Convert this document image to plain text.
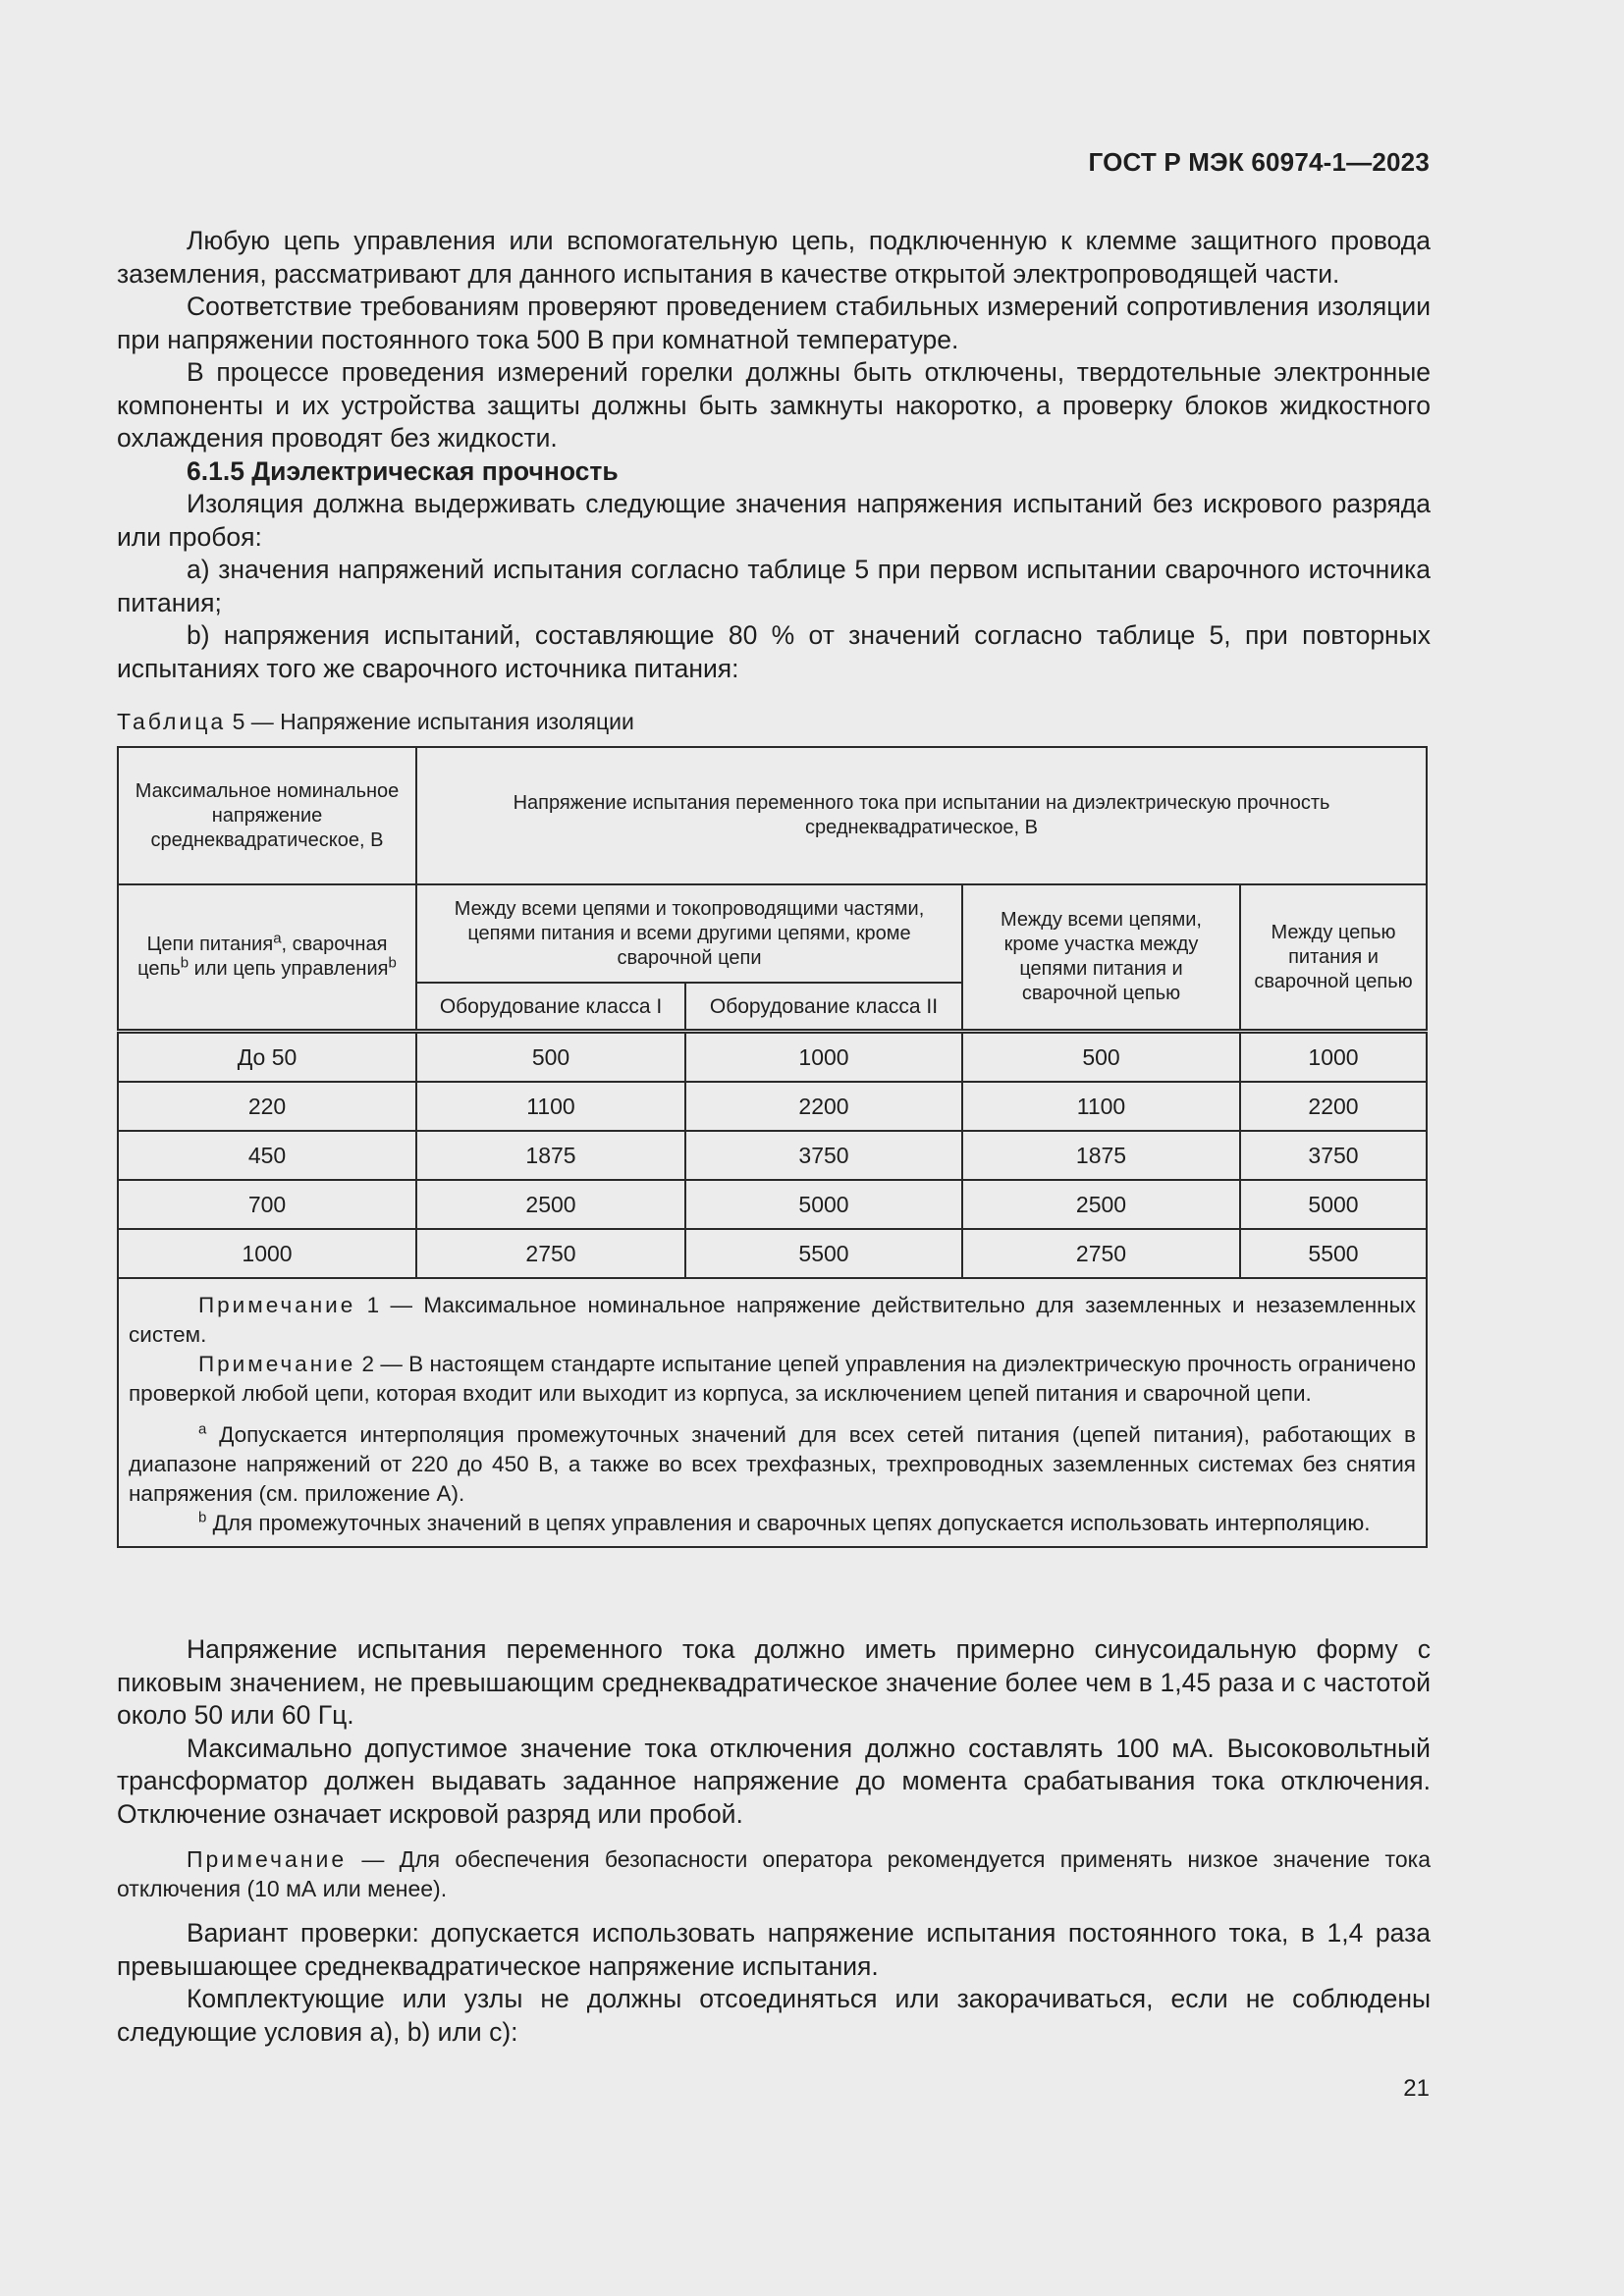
ГОСТ Р МЭК 60974-1—2023

Любую цепь управления или вспомогательную цепь, подключенную к клемме защитного провода заземления, рассматривают для данного испытания в качестве открытой электропроводящей части.

Соответствие требованиям проверяют проведением стабильных измерений сопротивления изоляции при напряжении постоянного тока 500 В при комнатной температуре.

В процессе проведения измерений горелки должны быть отключены, твердотельные электронные компоненты и их устройства защиты должны быть замкнуты накоротко, а проверку блоков жидкостного охлаждения проводят без жидкости.

6.1.5 Диэлектрическая прочность

Изоляция должна выдерживать следующие значения напряжения испытаний без искрового разряда или пробоя:

а) значения напряжений испытания согласно таблице 5 при первом испытании сварочного источника питания;

b) напряжения испытаний, составляющие 80 % от значений согласно таблице 5, при повторных испытаниях того же сварочного источника питания:

Таблица 5 — Напряжение испытания изоляции

Максимальное номинальное напряжение среднеквадратическое, В	Напряжение испытания переменного тока при испытании на диэлектрическую прочность среднеквадратическое, В			
Цепи питания$^a$, сварочная цепь$^b$ или цепь управления$^b$	Между всеми цепями и токопроводящими частями, цепями питания и всеми другими цепями, кроме сварочной цепи		Между всеми цепями, кроме участка между цепями питания и сварочной цепью	Между цепью питания и сварочной цепью
	Оборудование класса I	Оборудование класса II		
До 50	500	1000	500	1000
220	1100	2200	1100	2200
450	1875	3750	1875	3750
700	2500	5000	2500	5000
1000	2750	5500	2750	5500

Примечание 1 — Максимальное номинальное напряжение действительно для заземленных и незаземленных систем.

Примечание 2 — В настоящем стандарте испытание цепей управления на диэлектрическую прочность ограничено проверкой любой цепи, которая входит или выходит из корпуса, за исключением цепей питания и сварочной цепи.

$^a$ Допускается интерполяция промежуточных значений для всех сетей питания (цепей питания), работающих в диапазоне напряжений от 220 до 450 В, а также во всех трехфазных, трехпроводных заземленных системах без снятия напряжения (см. приложение А).

$^b$ Для промежуточных значений в цепях управления и сварочных цепях допускается использовать интерполяцию.				

Напряжение испытания переменного тока должно иметь примерно синусоидальную форму с пиковым значением, не превышающим среднеквадратическое значение более чем в 1,45 раза и с частотой около 50 или 60 Гц.

Максимально допустимое значение тока отключения должно составлять 100 мА. Высоковольтный трансформатор должен выдавать заданное напряжение до момента срабатывания тока отключения. Отключение означает искровой разряд или пробой.

Примечание — Для обеспечения безопасности оператора рекомендуется применять низкое значение тока отключения (10 мА или менее).

Вариант проверки: допускается использовать напряжение испытания постоянного тока, в 1,4 раза превышающее среднеквадратическое напряжение испытания.

Комплектующие или узлы не должны отсоединяться или закорачиваться, если не соблюдены следующие условия а), b) или с):

21
